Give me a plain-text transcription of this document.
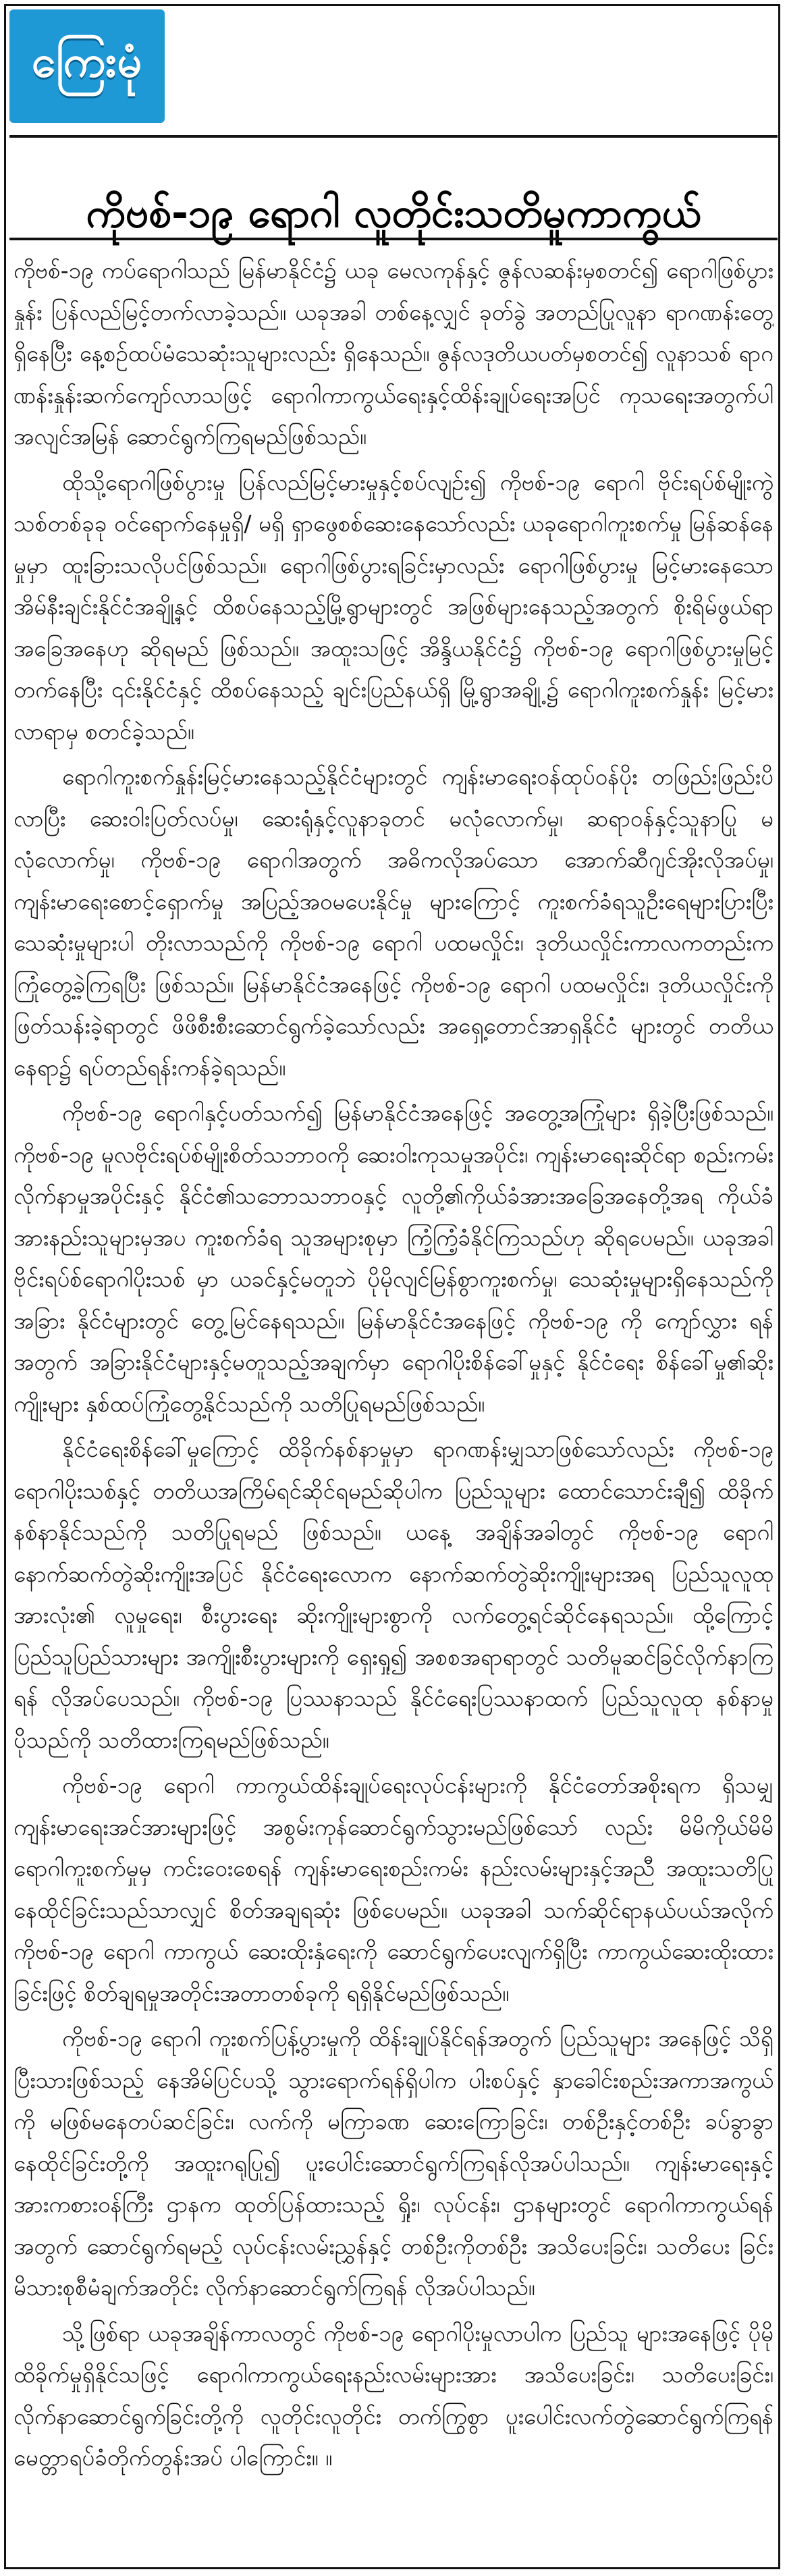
ကြေးမုံ
ကိုဗစ်-၁၉ ရောဂါ လူတိုင်းသတိမူကာကွယ်

ကိုဗစ်-၁၉ ကပ်ရောဂါသည် မြန်မာနိုင်ငံ၌ ယခု မေလကုန်နှင့် ဇွန်လဆန်းမှစတင်၍ ရောဂါဖြစ်ပွားနှုန်း ပြန်လည်မြင့်တက်လာခဲ့သည်။ ယခုအခါ တစ်နေ့လျှင် ခုတ်ခွဲ အတည်ပြုလူနာ ရာဂဏန်းတွေ့ရှိနေပြီး နေ့စဉ်ထပ်မံသေဆုံးသူများလည်း ရှိနေသည်။ ဇွန်လဒုတိယပတ်မှစတင်၍ လူနာသစ် ရာဂဏန်းနှုန်းဆက်ကျော်လာသဖြင့် ရောဂါကာကွယ်ရေးနှင့်ထိန်းချုပ်ရေးအပြင် ကုသရေးအတွက်ပါ အလျင်အမြန် ဆောင်ရွက်ကြရမည်ဖြစ်သည်။

ထိုသို့ရောဂါဖြစ်ပွားမှု ပြန်လည်မြင့်မားမှုနှင့်စပ်လျဉ်း၍ ကိုဗစ်-၁၉ ရောဂါ ဗိုင်းရပ်စ်မျိုးကွဲသစ်တစ်ခုခု ဝင်ရောက်နေမှုရှိ/ မရှိ ရှာဖွေစစ်ဆေးနေသော်လည်း ယခုရောဂါကူးစက်မှု မြန်ဆန်နေမှုမှာ ထူးခြားသလိုပင်ဖြစ်သည်။ ရောဂါဖြစ်ပွားရခြင်းမှာလည်း ရောဂါဖြစ်ပွားမှု မြင့်မားနေသော အိမ်နီးချင်းနိုင်ငံအချို့နှင့် ထိစပ်နေသည့်မြို့ရွာများတွင် အဖြစ်များနေသည့်အတွက် စိုးရိမ်ဖွယ်ရာအခြေအနေဟု ဆိုရမည် ဖြစ်သည်။ အထူးသဖြင့် အိန္ဒိယနိုင်ငံ၌ ကိုဗစ်-၁၉ ရောဂါဖြစ်ပွားမှုမြင့်တက်နေပြီး ၎င်းနိုင်ငံနှင့် ထိစပ်နေသည့် ချင်းပြည်နယ်ရှိ မြို့ရွာအချို့၌ ရောဂါကူးစက်နှုန်း မြင့်မား လာရာမှ စတင်ခဲ့သည်။

ရောဂါကူးစက်နှုန်းမြင့်မားနေသည့်နိုင်ငံများတွင် ကျန်းမာရေးဝန်ထုပ်ဝန်ပိုး တဖြည်းဖြည်းပိလာပြီး ဆေးဝါးပြတ်လပ်မှု၊ ဆေးရုံနှင့်လူနာခုတင် မလုံလောက်မှု၊ ဆရာဝန်နှင့်သူနာပြု မလုံလောက်မှု၊ ကိုဗစ်-၁၉ ရောဂါအတွက် အဓိကလိုအပ်သော အောက်ဆီဂျင်အိုးလိုအပ်မှု၊ ကျန်းမာရေးစောင့်ရှောက်မှု အပြည့်အဝမပေးနိုင်မှု များကြောင့် ကူးစက်ခံရသူဦးရေများပြားပြီး သေဆုံးမှုများပါ တိုးလာသည်ကို ကိုဗစ်-၁၉ ရောဂါ ပထမလှိုင်း၊ ဒုတိယလှိုင်းကာလကတည်းက ကြုံတွေ့ခဲ့ကြရပြီး ဖြစ်သည်။ မြန်မာနိုင်ငံအနေဖြင့် ကိုဗစ်-၁၉ ရောဂါ ပထမလှိုင်း၊ ဒုတိယလှိုင်းကို ဖြတ်သန်းခဲ့ရာတွင် ဖိဖိစီးစီးဆောင်ရွက်ခဲ့သော်လည်း အရှေ့တောင်အာရှနိုင်ငံ များတွင် တတိယနေရာ၌ ရပ်တည်ရန်းကန်ခဲ့ရသည်။

ကိုဗစ်-၁၉ ရောဂါနှင့်ပတ်သက်၍ မြန်မာနိုင်ငံအနေဖြင့် အတွေ့အကြုံများ ရှိခဲ့ပြီးဖြစ်သည်။ ကိုဗစ်-၁၉ မူလဗိုင်းရပ်စ်မျိုးစိတ်သဘာဝကို ဆေးဝါးကုသမှုအပိုင်း၊ ကျန်းမာရေးဆိုင်ရာ စည်းကမ်းလိုက်နာမှုအပိုင်းနှင့် နိုင်ငံ၏သဘောသဘာဝနှင့် လူတို့၏ကိုယ်ခံအားအခြေအနေတို့အရ ကိုယ်ခံအားနည်းသူများမှအပ ကူးစက်ခံရ သူအများစုမှာ ကြံ့ကြံ့ခံနိုင်ကြသည်ဟု ဆိုရပေမည်။ ယခုအခါ ဗိုင်းရပ်စ်ရောဂါပိုးသစ် မှာ ယခင်နှင့်မတူဘဲ ပိုမိုလျင်မြန်စွာကူးစက်မှု၊ သေဆုံးမှုများရှိနေသည်ကို အခြား နိုင်ငံများတွင် တွေ့မြင်နေရသည်။ မြန်မာနိုင်ငံအနေဖြင့် ကိုဗစ်-၁၉ ကို ကျော်လွှား ရန်အတွက် အခြားနိုင်ငံများနှင့်မတူသည့်အချက်မှာ ရောဂါပိုးစိန်ခေါ်မှုနှင့် နိုင်ငံရေး စိန်ခေါ်မှု၏ဆိုးကျိုးများ နှစ်ထပ်ကြုံတွေ့နိုင်သည်ကို သတိပြုရမည်ဖြစ်သည်။

နိုင်ငံရေးစိန်ခေါ်မှုကြောင့် ထိခိုက်နစ်နာမှုမှာ ရာဂဏန်းမျှသာဖြစ်သော်လည်း ကိုဗစ်-၁၉ ရောဂါပိုးသစ်နှင့် တတိယအကြိမ်ရင်ဆိုင်ရမည်ဆိုပါက ပြည်သူများ ထောင်သောင်းချီ၍ ထိခိုက်နစ်နာနိုင်သည်ကို သတိပြုရမည် ဖြစ်သည်။ ယနေ့ အချိန်အခါတွင် ကိုဗစ်-၁၉ ရောဂါ နောက်ဆက်တွဲဆိုးကျိုးအပြင် နိုင်ငံရေးလောက နောက်ဆက်တွဲဆိုးကျိုးများအရ ပြည်သူလူထုအားလုံး၏ လူမှုရေး၊ စီးပွားရေး ဆိုးကျိုးများစွာကို လက်တွေ့ရင်ဆိုင်နေရသည်။ ထို့ကြောင့် ပြည်သူပြည်သားများ အကျိုးစီးပွားများကို ရှေးရှု၍ အစစအရာရာတွင် သတိမူဆင်ခြင်လိုက်နာကြရန် လိုအပ်ပေသည်။ ကိုဗစ်-၁၉ ပြဿနာသည် နိုင်ငံရေးပြဿနာထက် ပြည်သူလူထု နစ်နာမှုပိုသည်ကို သတိထားကြရမည်ဖြစ်သည်။

ကိုဗစ်-၁၉ ရောဂါ ကာကွယ်ထိန်းချုပ်ရေးလုပ်ငန်းများကို နိုင်ငံတော်အစိုးရက ရှိသမျှကျန်းမာရေးအင်အားများဖြင့် အစွမ်းကုန်ဆောင်ရွက်သွားမည်ဖြစ်သော် လည်း မိမိကိုယ်မိမိ ရောဂါကူးစက်မှုမှ ကင်းဝေးစေရန် ကျန်းမာရေးစည်းကမ်း နည်းလမ်းများနှင့်အညီ အထူးသတိပြုနေထိုင်ခြင်းသည်သာလျှင် စိတ်အချရဆုံး ဖြစ်ပေမည်။ ယခုအခါ သက်ဆိုင်ရာနယ်ပယ်အလိုက် ကိုဗစ်-၁၉ ရောဂါ ကာကွယ် ဆေးထိုးနှံရေးကို ဆောင်ရွက်ပေးလျက်ရှိပြီး ကာကွယ်ဆေးထိုးထားခြင်းဖြင့် စိတ်ချရမှုအတိုင်းအတာတစ်ခုကို ရရှိနိုင်မည်ဖြစ်သည်။

ကိုဗစ်-၁၉ ရောဂါ ကူးစက်ပြန့်ပွားမှုကို ထိန်းချုပ်နိုင်ရန်အတွက် ပြည်သူများ အနေဖြင့် သိရှိပြီးသားဖြစ်သည့် နေအိမ်ပြင်ပသို့ သွားရောက်ရန်ရှိပါက ပါးစပ်နှင့် နှာခေါင်းစည်းအကာအကွယ်ကို မဖြစ်မနေတပ်ဆင်ခြင်း၊ လက်ကို မကြာခဏ ဆေးကြောခြင်း၊ တစ်ဦးနှင့်တစ်ဦး ခပ်ခွာခွာနေထိုင်ခြင်းတို့ကို အထူးဂရုပြု၍ ပူးပေါင်းဆောင်ရွက်ကြရန်လိုအပ်ပါသည်။ ကျန်းမာရေးနှင့်အားကစားဝန်ကြီး ဌာနက ထုတ်ပြန်ထားသည့် ရှိုး၊ လုပ်ငန်း၊ ဌာနများတွင် ရောဂါကာကွယ်ရန်အတွက် ဆောင်ရွက်ရမည့် လုပ်ငန်းလမ်းညွှန်နှင့် တစ်ဦးကိုတစ်ဦး အသိပေးခြင်း၊ သတိပေး ခြင်း မိသားစုစီမံချက်အတိုင်း လိုက်နာဆောင်ရွက်ကြရန် လိုအပ်ပါသည်။

သို့ဖြစ်ရာ ယခုအချိန်ကာလတွင် ကိုဗစ်-၁၉ ရောဂါပိုးမှုလာပါက ပြည်သူ များအနေဖြင့် ပိုမိုထိခိုက်မှုရှိနိုင်သဖြင့် ရောဂါကာကွယ်ရေးနည်းလမ်းများအား အသိပေးခြင်း၊ သတိပေးခြင်း၊ လိုက်နာဆောင်ရွက်ခြင်းတို့ကို လူတိုင်းလူတိုင်း တက်ကြွစွာ ပူးပေါင်းလက်တွဲဆောင်ရွက်ကြရန် မေတ္တာရပ်ခံတိုက်တွန်းအပ် ပါကြောင်း။ ။
